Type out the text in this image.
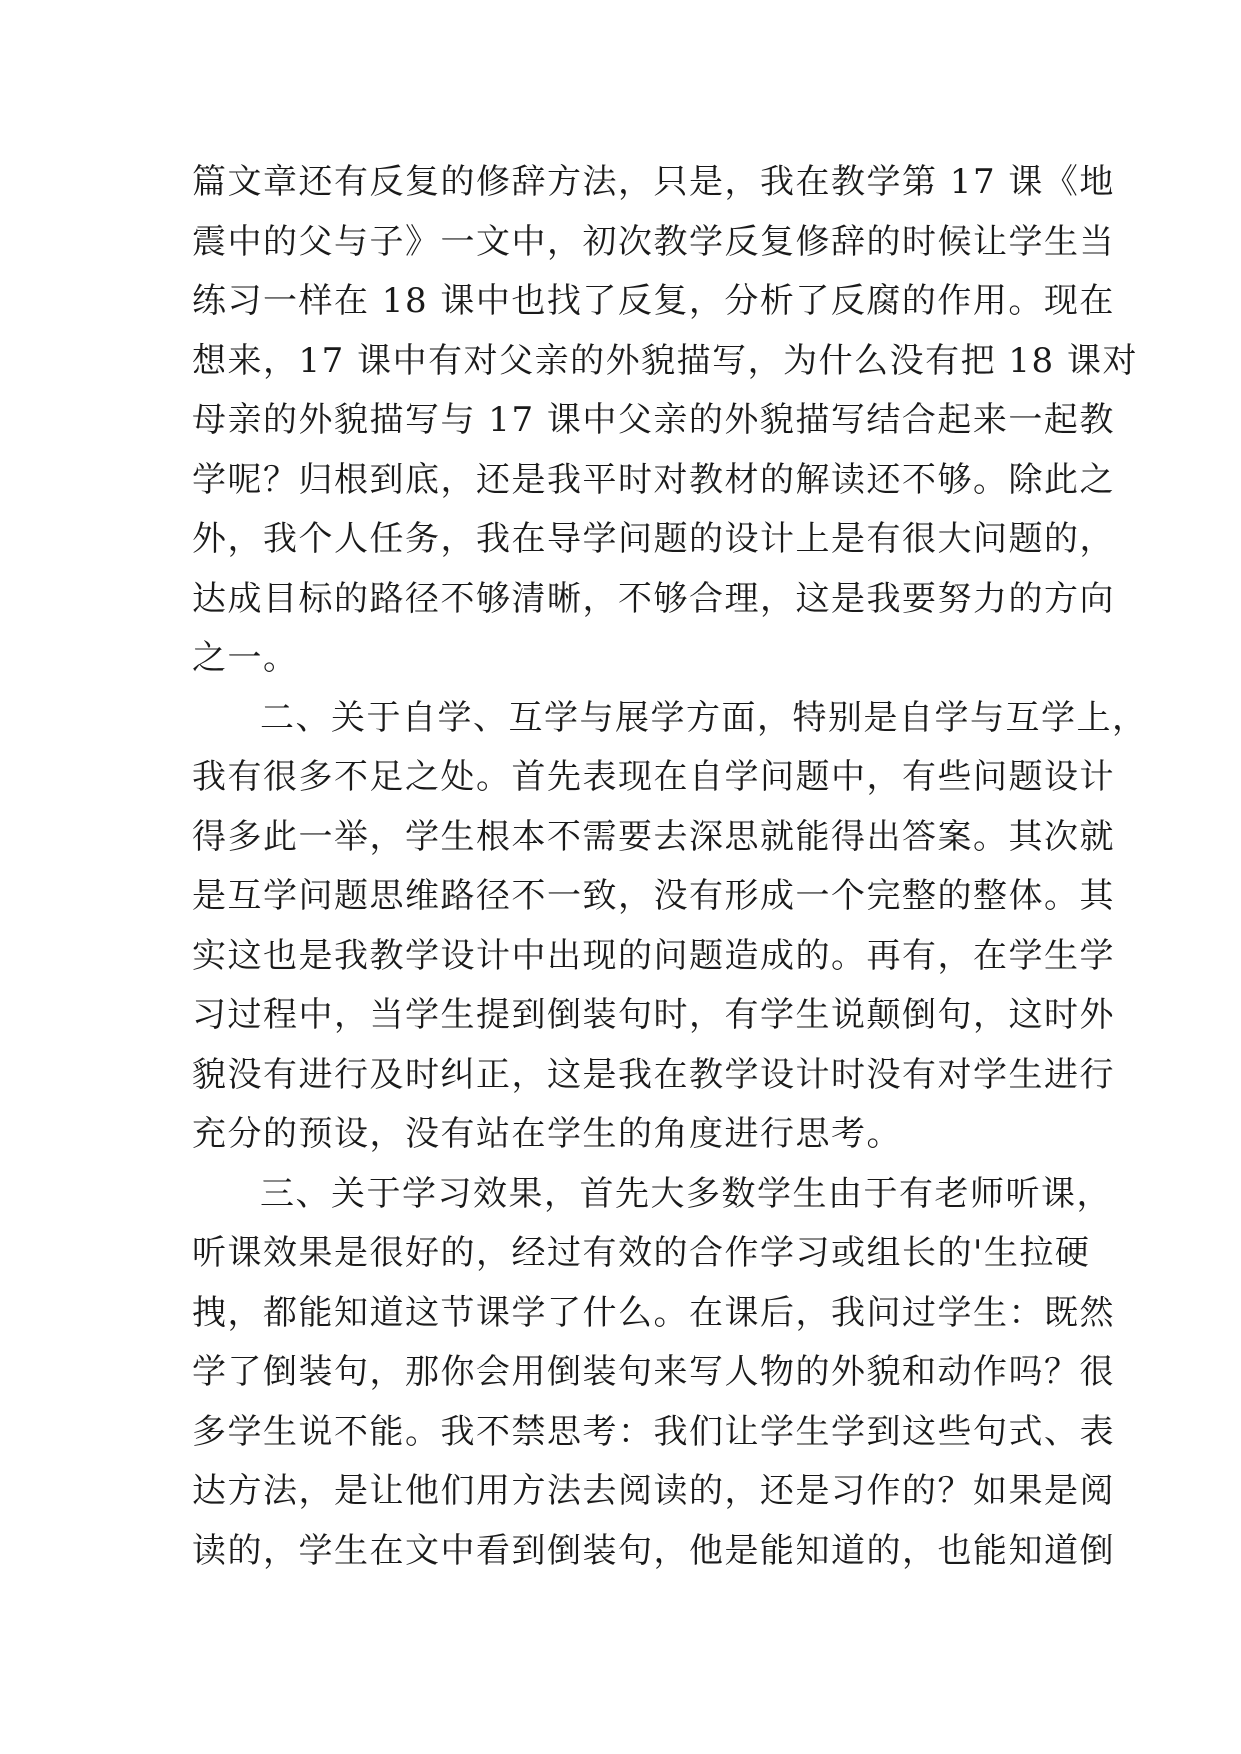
篇文章还有反复的修辞方法，只是，我在教学第 17 课《地
震中的父与子》一文中，初次教学反复修辞的时候让学生当
练习一样在 18 课中也找了反复，分析了反腐的作用。现在
想来，17 课中有对父亲的外貌描写，为什么没有把 18 课对
母亲的外貌描写与 17 课中父亲的外貌描写结合起来一起教
学呢？归根到底，还是我平时对教材的解读还不够。除此之
外，我个人任务，我在导学问题的设计上是有很大问题的，
达成目标的路径不够清晰，不够合理，这是我要努力的方向
之一。
二、关于自学、互学与展学方面，特别是自学与互学上，
我有很多不足之处。首先表现在自学问题中，有些问题设计
得多此一举，学生根本不需要去深思就能得出答案。其次就
是互学问题思维路径不一致，没有形成一个完整的整体。其
实这也是我教学设计中出现的问题造成的。再有，在学生学
习过程中，当学生提到倒装句时，有学生说颠倒句，这时外
貌没有进行及时纠正，这是我在教学设计时没有对学生进行
充分的预设，没有站在学生的角度进行思考。
三、关于学习效果，首先大多数学生由于有老师听课，
听课效果是很好的，经过有效的合作学习或组长的'生拉硬
拽，都能知道这节课学了什么。在课后，我问过学生：既然
学了倒装句，那你会用倒装句来写人物的外貌和动作吗？很
多学生说不能。我不禁思考：我们让学生学到这些句式、表
达方法，是让他们用方法去阅读的，还是习作的？如果是阅
读的，学生在文中看到倒装句，他是能知道的，也能知道倒
